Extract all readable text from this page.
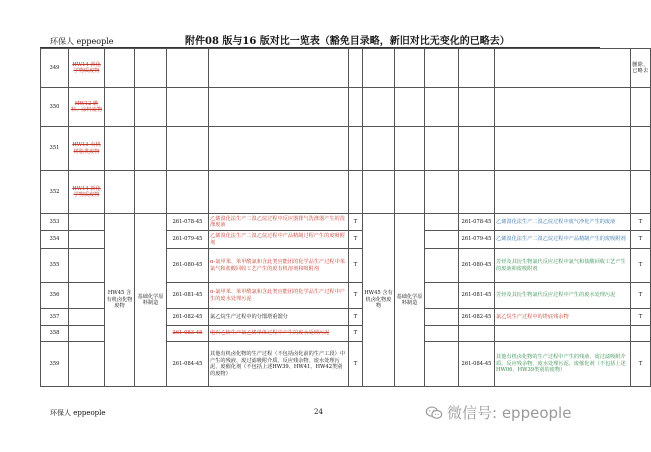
环保人 eppeople	附件08 版与16 版对比一览表（豁免目录略，新旧对比无变化的已略去）
349	HW14 新化学物质废物											删除，已略去
350	HW12 燃料、涂料废物											
351	HW13 有机树脂类废物											
352	HW14 新化学物质废物											
353		HW45 含有机卤化物废物	基础化学原料制造	261-078-45	乙烯溴化法生产二溴乙烷过程中反应器排气洗涤器产生的洗涤废液	T	HW45 含有机卤化物废物	基础化学原料制造		261-078-45	乙烯溴化法生产二溴乙烷过程中废气净化产生的废液	T
354				261-079-45	乙烯溴化法生产二溴乙烷过程中产品精制过程产生的废吸附剂	T				261-079-45	乙烯溴化法生产二溴乙烷过程中产品精制产生的废吸附剂	T
355				261-080-45	α-氯甲苯、苯甲酰氯和含此类官能团的化学品生产过程中苯氯气和盐酸回收工艺产生的废有机溶剂和吸附剂	T				261-080-45	芳烃及其衍生物氯代反应过程中氯气和盐酸回收工艺产生的废液和废吸附剂	T
356				261-081-45	α-氯甲苯、苯甲酰氯和含此类官能团的化学品生产过程中产生的废水处理污泥	T				261-081-45	芳烃及其衍生物氯代反应过程中产生的废水处理污泥	T
357				261-082-45	氯乙烷生产过程中的分馏塔重馏分	T				261-082-45	氯乙烷生产过程中的塔底残余物	T
358				261-083-45	电石乙炔生产氯乙烯单体过程中产生的废水处理污泥	T						
359				261-084-45	其他有机卤化物的生产过程（不包括卤化前的生产工段）中产生的残液、废过滤吸附介质、反应残余物、废水处理污泥、废催化剂（不包括上述HW39、HW41、HW42类别的废物）	T				261-084-45	其他有机卤化物的生产过程中产生的残液、废过滤吸附介质、反应残余物、废水处理污泥、废催化剂（不包括上述HW06、HW39类别的废物）	T
环保人 eppeople	24	微信号: eppeople
